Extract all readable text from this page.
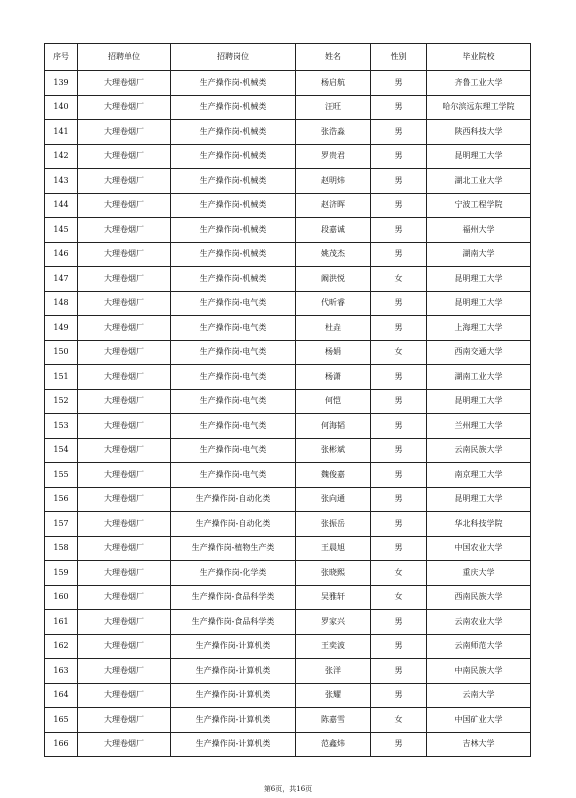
序号	招聘单位	招聘岗位	姓名	性别	毕业院校
139	大理卷烟厂	生产操作岗-机械类	杨启航	男	齐鲁工业大学
140	大理卷烟厂	生产操作岗-机械类	汪旺	男	哈尔滨远东理工学院
141	大理卷烟厂	生产操作岗-机械类	张浩淼	男	陕西科技大学
142	大理卷烟厂	生产操作岗-机械类	罗贵君	男	昆明理工大学
143	大理卷烟厂	生产操作岗-机械类	赵明炜	男	湖北工业大学
144	大理卷烟厂	生产操作岗-机械类	赵济晖	男	宁波工程学院
145	大理卷烟厂	生产操作岗-机械类	段嘉诚	男	福州大学
146	大理卷烟厂	生产操作岗-机械类	姚茂杰	男	湖南大学
147	大理卷烟厂	生产操作岗-机械类	阚洪悦	女	昆明理工大学
148	大理卷烟厂	生产操作岗-电气类	代昕睿	男	昆明理工大学
149	大理卷烟厂	生产操作岗-电气类	杜垚	男	上海理工大学
150	大理卷烟厂	生产操作岗-电气类	杨娟	女	西南交通大学
151	大理卷烟厂	生产操作岗-电气类	杨潇	男	湖南工业大学
152	大理卷烟厂	生产操作岗-电气类	何恺	男	昆明理工大学
153	大理卷烟厂	生产操作岗-电气类	何海韬	男	兰州理工大学
154	大理卷烟厂	生产操作岗-电气类	张彬斌	男	云南民族大学
155	大理卷烟厂	生产操作岗-电气类	魏俊嘉	男	南京理工大学
156	大理卷烟厂	生产操作岗-自动化类	张向通	男	昆明理工大学
157	大理卷烟厂	生产操作岗-自动化类	张振岳	男	华北科技学院
158	大理卷烟厂	生产操作岗-植物生产类	王晨旭	男	中国农业大学
159	大理卷烟厂	生产操作岗-化学类	张晓熙	女	重庆大学
160	大理卷烟厂	生产操作岗-食品科学类	吴雅轩	女	西南民族大学
161	大理卷烟厂	生产操作岗-食品科学类	罗家兴	男	云南农业大学
162	大理卷烟厂	生产操作岗-计算机类	王奕波	男	云南师范大学
163	大理卷烟厂	生产操作岗-计算机类	张洋	男	中南民族大学
164	大理卷烟厂	生产操作岗-计算机类	张耀	男	云南大学
165	大理卷烟厂	生产操作岗-计算机类	陈嘉雪	女	中国矿业大学
166	大理卷烟厂	生产操作岗-计算机类	范鑫炜	男	吉林大学
第6页，共16页
